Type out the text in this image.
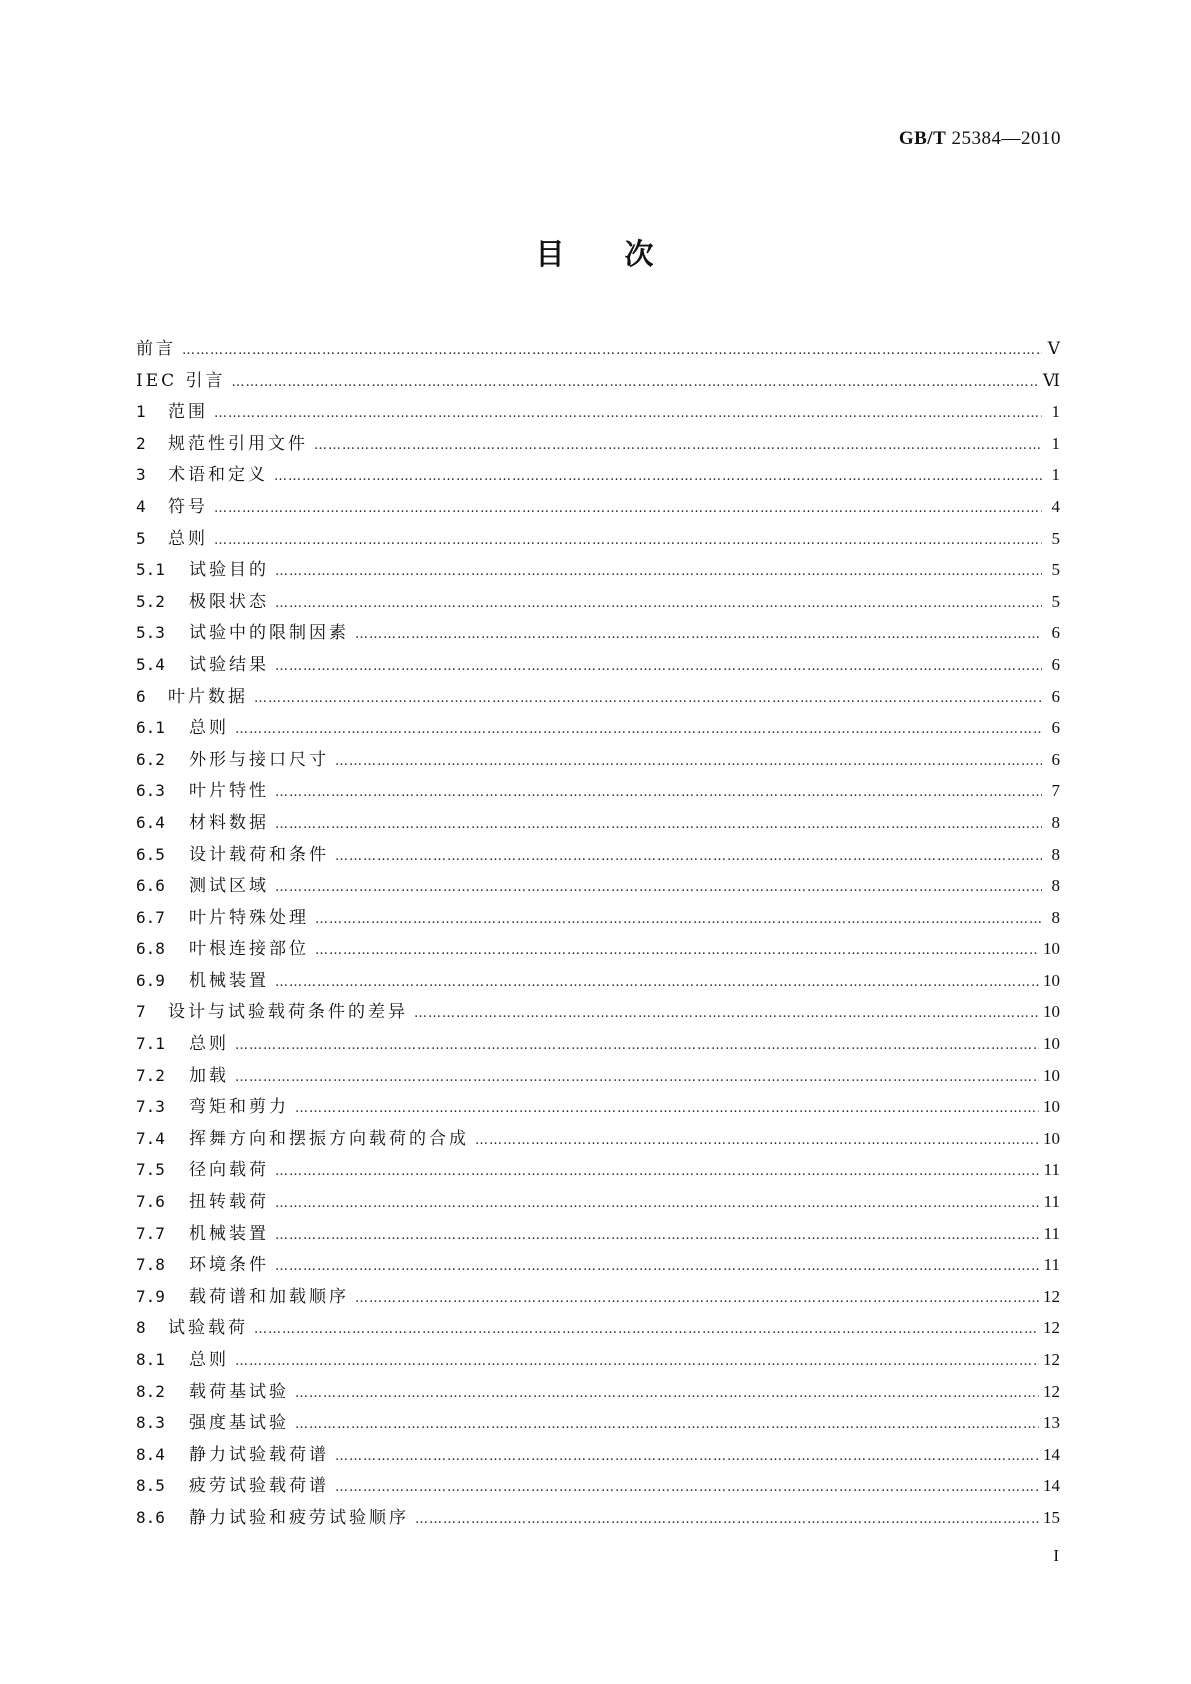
GB/T 25384—2010
目 次
前言 …………………………………………………………………………………………………………………………………………………………………………………………………………………………	Ⅴ
IEC 引言 …………………………………………………………………………………………………………………………………………………………………………………………………………………………	Ⅵ
1	范围 …………………………………………………………………………………………………………………………………………………………………………………………………………………………	1
2	规范性引用文件 …………………………………………………………………………………………………………………………………………………………………………………………………………………………	1
3	术语和定义 …………………………………………………………………………………………………………………………………………………………………………………………………………………………	1
4	符号 …………………………………………………………………………………………………………………………………………………………………………………………………………………………	4
5	总则 …………………………………………………………………………………………………………………………………………………………………………………………………………………………	5
5.1	试验目的 …………………………………………………………………………………………………………………………………………………………………………………………………………………………	5
5.2	极限状态 …………………………………………………………………………………………………………………………………………………………………………………………………………………………	5
5.3	试验中的限制因素 …………………………………………………………………………………………………………………………………………………………………………………………………………………………	6
5.4	试验结果 …………………………………………………………………………………………………………………………………………………………………………………………………………………………	6
6	叶片数据 …………………………………………………………………………………………………………………………………………………………………………………………………………………………	6
6.1	总则 …………………………………………………………………………………………………………………………………………………………………………………………………………………………	6
6.2	外形与接口尺寸 …………………………………………………………………………………………………………………………………………………………………………………………………………………………	6
6.3	叶片特性 …………………………………………………………………………………………………………………………………………………………………………………………………………………………	7
6.4	材料数据 …………………………………………………………………………………………………………………………………………………………………………………………………………………………	8
6.5	设计载荷和条件 …………………………………………………………………………………………………………………………………………………………………………………………………………………………	8
6.6	测试区域 …………………………………………………………………………………………………………………………………………………………………………………………………………………………	8
6.7	叶片特殊处理 …………………………………………………………………………………………………………………………………………………………………………………………………………………………	8
6.8	叶根连接部位 …………………………………………………………………………………………………………………………………………………………………………………………………………………………	10
6.9	机械装置 …………………………………………………………………………………………………………………………………………………………………………………………………………………………	10
7	设计与试验载荷条件的差异 …………………………………………………………………………………………………………………………………………………………………………………………………………………………	10
7.1	总则 …………………………………………………………………………………………………………………………………………………………………………………………………………………………	10
7.2	加载 …………………………………………………………………………………………………………………………………………………………………………………………………………………………	10
7.3	弯矩和剪力 …………………………………………………………………………………………………………………………………………………………………………………………………………………………	10
7.4	挥舞方向和摆振方向载荷的合成 …………………………………………………………………………………………………………………………………………………………………………………………………………………………	10
7.5	径向载荷 …………………………………………………………………………………………………………………………………………………………………………………………………………………………	11
7.6	扭转载荷 …………………………………………………………………………………………………………………………………………………………………………………………………………………………	11
7.7	机械装置 …………………………………………………………………………………………………………………………………………………………………………………………………………………………	11
7.8	环境条件 …………………………………………………………………………………………………………………………………………………………………………………………………………………………	11
7.9	载荷谱和加载顺序 …………………………………………………………………………………………………………………………………………………………………………………………………………………………	12
8	试验载荷 …………………………………………………………………………………………………………………………………………………………………………………………………………………………	12
8.1	总则 …………………………………………………………………………………………………………………………………………………………………………………………………………………………	12
8.2	载荷基试验 …………………………………………………………………………………………………………………………………………………………………………………………………………………………	12
8.3	强度基试验 …………………………………………………………………………………………………………………………………………………………………………………………………………………………	13
8.4	静力试验载荷谱 …………………………………………………………………………………………………………………………………………………………………………………………………………………………	14
8.5	疲劳试验载荷谱 …………………………………………………………………………………………………………………………………………………………………………………………………………………………	14
8.6	静力试验和疲劳试验顺序 …………………………………………………………………………………………………………………………………………………………………………………………………………………………	15
I
